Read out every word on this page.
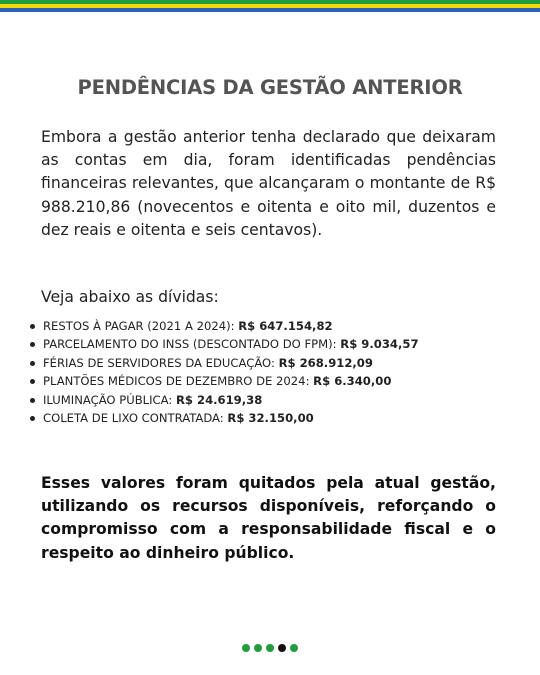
PENDÊNCIAS DA GESTÃO ANTERIOR
Embora a gestão anterior tenha declarado que deixaram as contas em dia, foram identificadas pendências financeiras relevantes, que alcançaram o montante de R$ 988.210,86 (novecentos e oitenta e oito mil, duzentos e dez reais e oitenta e seis centavos).
Veja abaixo as dívidas:
RESTOS À PAGAR (2021 A 2024): R$ 647.154,82
PARCELAMENTO DO INSS (DESCONTADO DO FPM): R$ 9.034,57
FÉRIAS DE SERVIDORES DA EDUCAÇÃO: R$ 268.912,09
PLANTÕES MÉDICOS DE DEZEMBRO DE 2024: R$ 6.340,00
ILUMINAÇÃO PÚBLICA: R$ 24.619,38
COLETA DE LIXO CONTRATADA: R$ 32.150,00
Esses valores foram quitados pela atual gestão, utilizando os recursos disponíveis, reforçando o compromisso com a responsabilidade fiscal e o respeito ao dinheiro público.
